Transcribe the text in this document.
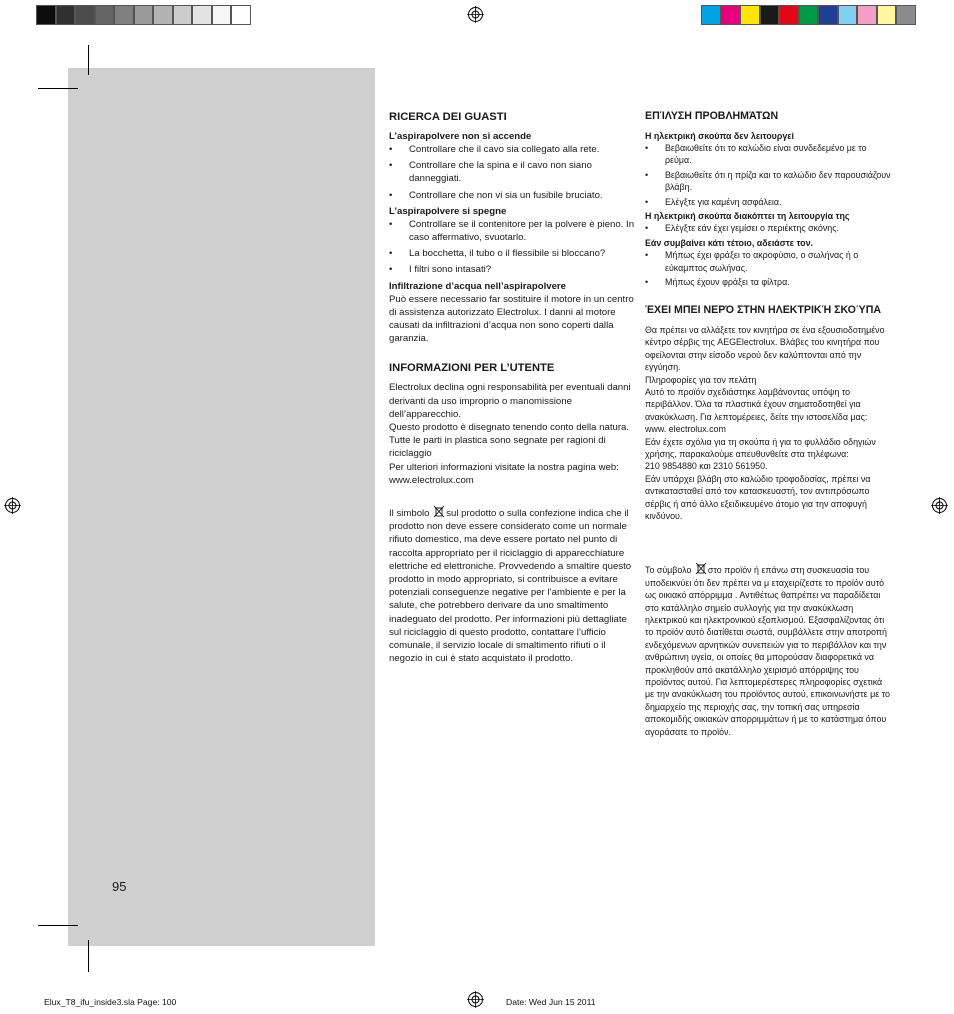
RICERCA DEI GUASTI
L’aspirapolvere non si accende
• Controllare che il cavo sia collegato alla rete.
• Controllare che la spina e il cavo non siano danneggiati.
• Controllare che non vi sia un fusibile bruciato.
L’aspirapolvere si spegne
• Controllare se il contenitore per la polvere è pieno. In caso affermativo, svuotarlo.
• La bocchetta, il tubo o il flessibile si bloccano?
• I filtri sono intasati?
Infiltrazione d’acqua nell’aspirapolvere

Può essere necessario far sostituire il motore in un centro di assistenza autorizzato Electrolux. I danni al motore causati da infiltrazioni d’acqua non sono coperti dalla garanzia.

INFORMAZIONI PER L’UTENTE

Electrolux declina ogni responsabilità per eventuali danni derivanti da uso improprio o manomissione dell’apparecchio.

Questo prodotto è disegnato tenendo conto della natura.

Tutte le parti in plastica sono segnate per ragioni di riciclaggio

Per ulteriori informazioni visitate la nostra pagina web: www.electrolux.com

Il simbolo sul prodotto o sulla confezione indica che il prodotto non deve essere considerato come un normale rifiuto domestico, ma deve essere portato nel punto di raccolta appropriato per il riciclaggio di apparecchiature elettriche ed elettroniche. Provvedendo a smaltire questo prodotto in modo appropriato, si contribuisce a evitare potenziali conseguenze negative per l’ambiente e per la salute, che potrebbero derivare da uno smaltimento inadeguato del prodotto. Per informazioni più dettagliate sul riciclaggio di questo prodotto, contattare l’ufficio comunale, il servizio locale di smaltimento rifiuti o il negozio in cui è stato acquistato il prodotto.

ΕΠΊΛΥΣΗ ΠΡΟΒΛΗΜΆΤΩΝ
Η ηλεκτρική σκούπα δεν λειτουργεί
• Βεβαιωθείτε ότι το καλώδιο είναι συνδεδεμένο με το ρεύμα.
• Βεβαιωθείτε ότι η πρίζα και το καλώδιο δεν παρουσιάζουν βλάβη.
• Ελέγξτε για καμένη ασφάλεια.
Η ηλεκτρική σκούπα διακόπτει τη λειτουργία της
• Ελέγξτε εάν έχει γεμίσει ο περιέκτης σκόνης.
Εάν συμβαίνει κάτι τέτοιο, αδειάστε τον.
• Μήπως έχει φράξει το ακροφύσιο, ο σωλήνας ή ο εύκαμπτος σωλήνας.
• Μήπως έχουν φράξει τα φίλτρα.
ΈΧΕΙ ΜΠΕΙ ΝΕΡΌ ΣΤΗΝ ΗΛΕΚΤΡΙΚΉ ΣΚΟΎΠΑ

Θα πρέπει να αλλάξετε τον κινητήρα σε ένα εξουσιοδοτημένο κέντρο σέρβις της AEGElectrolux. Βλάβες του κινητήρα που οφείλονται στην είσοδο νερού δεν καλύπτονται από την εγγύηση.

Πληροφορίες για τον πελάτη

Αυτό το προϊόν σχεδιάστηκε λαμβάνοντας υπόψη το περιβάλλον. Όλα τα πλαστικά έχουν σηματοδοτηθεί για ανακύκλωση. Για λεπτομέρειες, δείτε την ιστοσελίδα μας:

www. electrolux.com

Εάν έχετε σχόλια για τη σκούπα ή για το φυλλάδιο οδηγιών χρήσης, παρακαλούμε απευθυνθείτε στα τηλέφωνα:

210 9854880 και 2310 561950.

Εάν υπάρχει βλάβη στο καλώδιο τροφοδοσίας, πρέπει να αντικατασταθεί από τον κατασκευαστή, τον αντιπρόσωπο σέρβις ή από άλλο εξειδικευμένο άτομο για την αποφυγή κινδύνου.

Το σύμβολο στο προϊόν ή επάνω στη συσκευασία του υποδεικνύει ότι δεν πρέπει να μ εταχειρίζεστε το προϊόν αυτό ως οικιακό απόρριμμα . Αντιθέτως θαπρέπει να παραδίδεται στο κατάλληλο σημείο συλλογής για την ανακύκλωση ηλεκτρικού και ηλεκτρονικού εξοπλισμού. Εξασφαλίζοντας ότι το προϊόν αυτό διατίθεται σωστά, συμβάλλετε στην αποτροπή ενδεχόμενων αρνητικών συνεπειών για το περιβάλλον και την ανθρώπινη υγεία, οι οποίες θα μπορούσαν διαφορετικά να προκληθούν από ακατάλληλο χειρισμό απόρριψης του προϊόντος αυτού. Για λεπτομερέστερες πληροφορίες σχετικά με την ανακύκλωση του προϊόντος αυτού, επικοινωνήστε με το δημαρχείο της περιοχής σας, την τοπική σας υπηρεσία αποκομιδής οικιακών απορριμμάτων ή με το κατάστημα όπου αγοράσατε το προϊόν.

95
Elux_T8_ifu_inside3.sla Page: 100	Date: Wed Jun 15 2011
